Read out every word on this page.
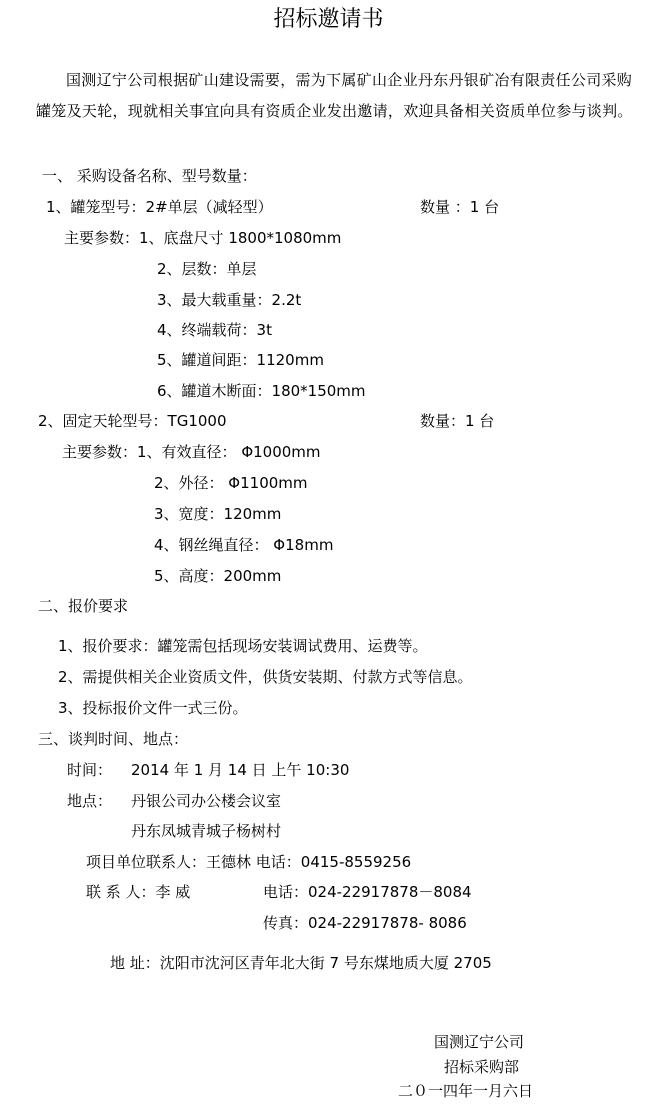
招标邀请书
国测辽宁公司根据矿山建设需要，需为下属矿山企业丹东丹银矿冶有限责任公司采购罐笼及天轮，现就相关事宜向具有资质企业发出邀请，欢迎具备相关资质单位参与谈判。
一、 采购设备名称、型号数量：
1、罐笼型号：2#单层（减轻型）	数量 ：1 台
主要参数：1、底盘尺寸 1800*1080mm
2、层数：单层
3、最大载重量：2.2t
4、终端载荷：3t
5、罐道间距：1120mm
6、罐道木断面：180*150mm
2、固定天轮型号：TG1000	数量：1 台
主要参数：1、有效直径： Φ1000mm
2、外径： Φ1100mm
3、宽度：120mm
4、钢丝绳直径： Φ18mm
5、高度：200mm
二、报价要求
1、报价要求：罐笼需包括现场安装调试费用、运费等。
2、需提供相关企业资质文件，供货安装期、付款方式等信息。
3、投标报价文件一式三份。
三、谈判时间、地点：
时间： 2014 年 1 月 14 日 上午 10:30
地点： 丹银公司办公楼会议室
丹东凤城青城子杨树村
项目单位联系人：王德林 电话：0415-8559256
联 系 人：李 威	电话：024-22917878－8084
传真：024-22917878- 8086
地 址：沈阳市沈河区青年北大街 7 号东煤地质大厦 2705
国测辽宁公司
招标采购部
二０一四年一月六日
